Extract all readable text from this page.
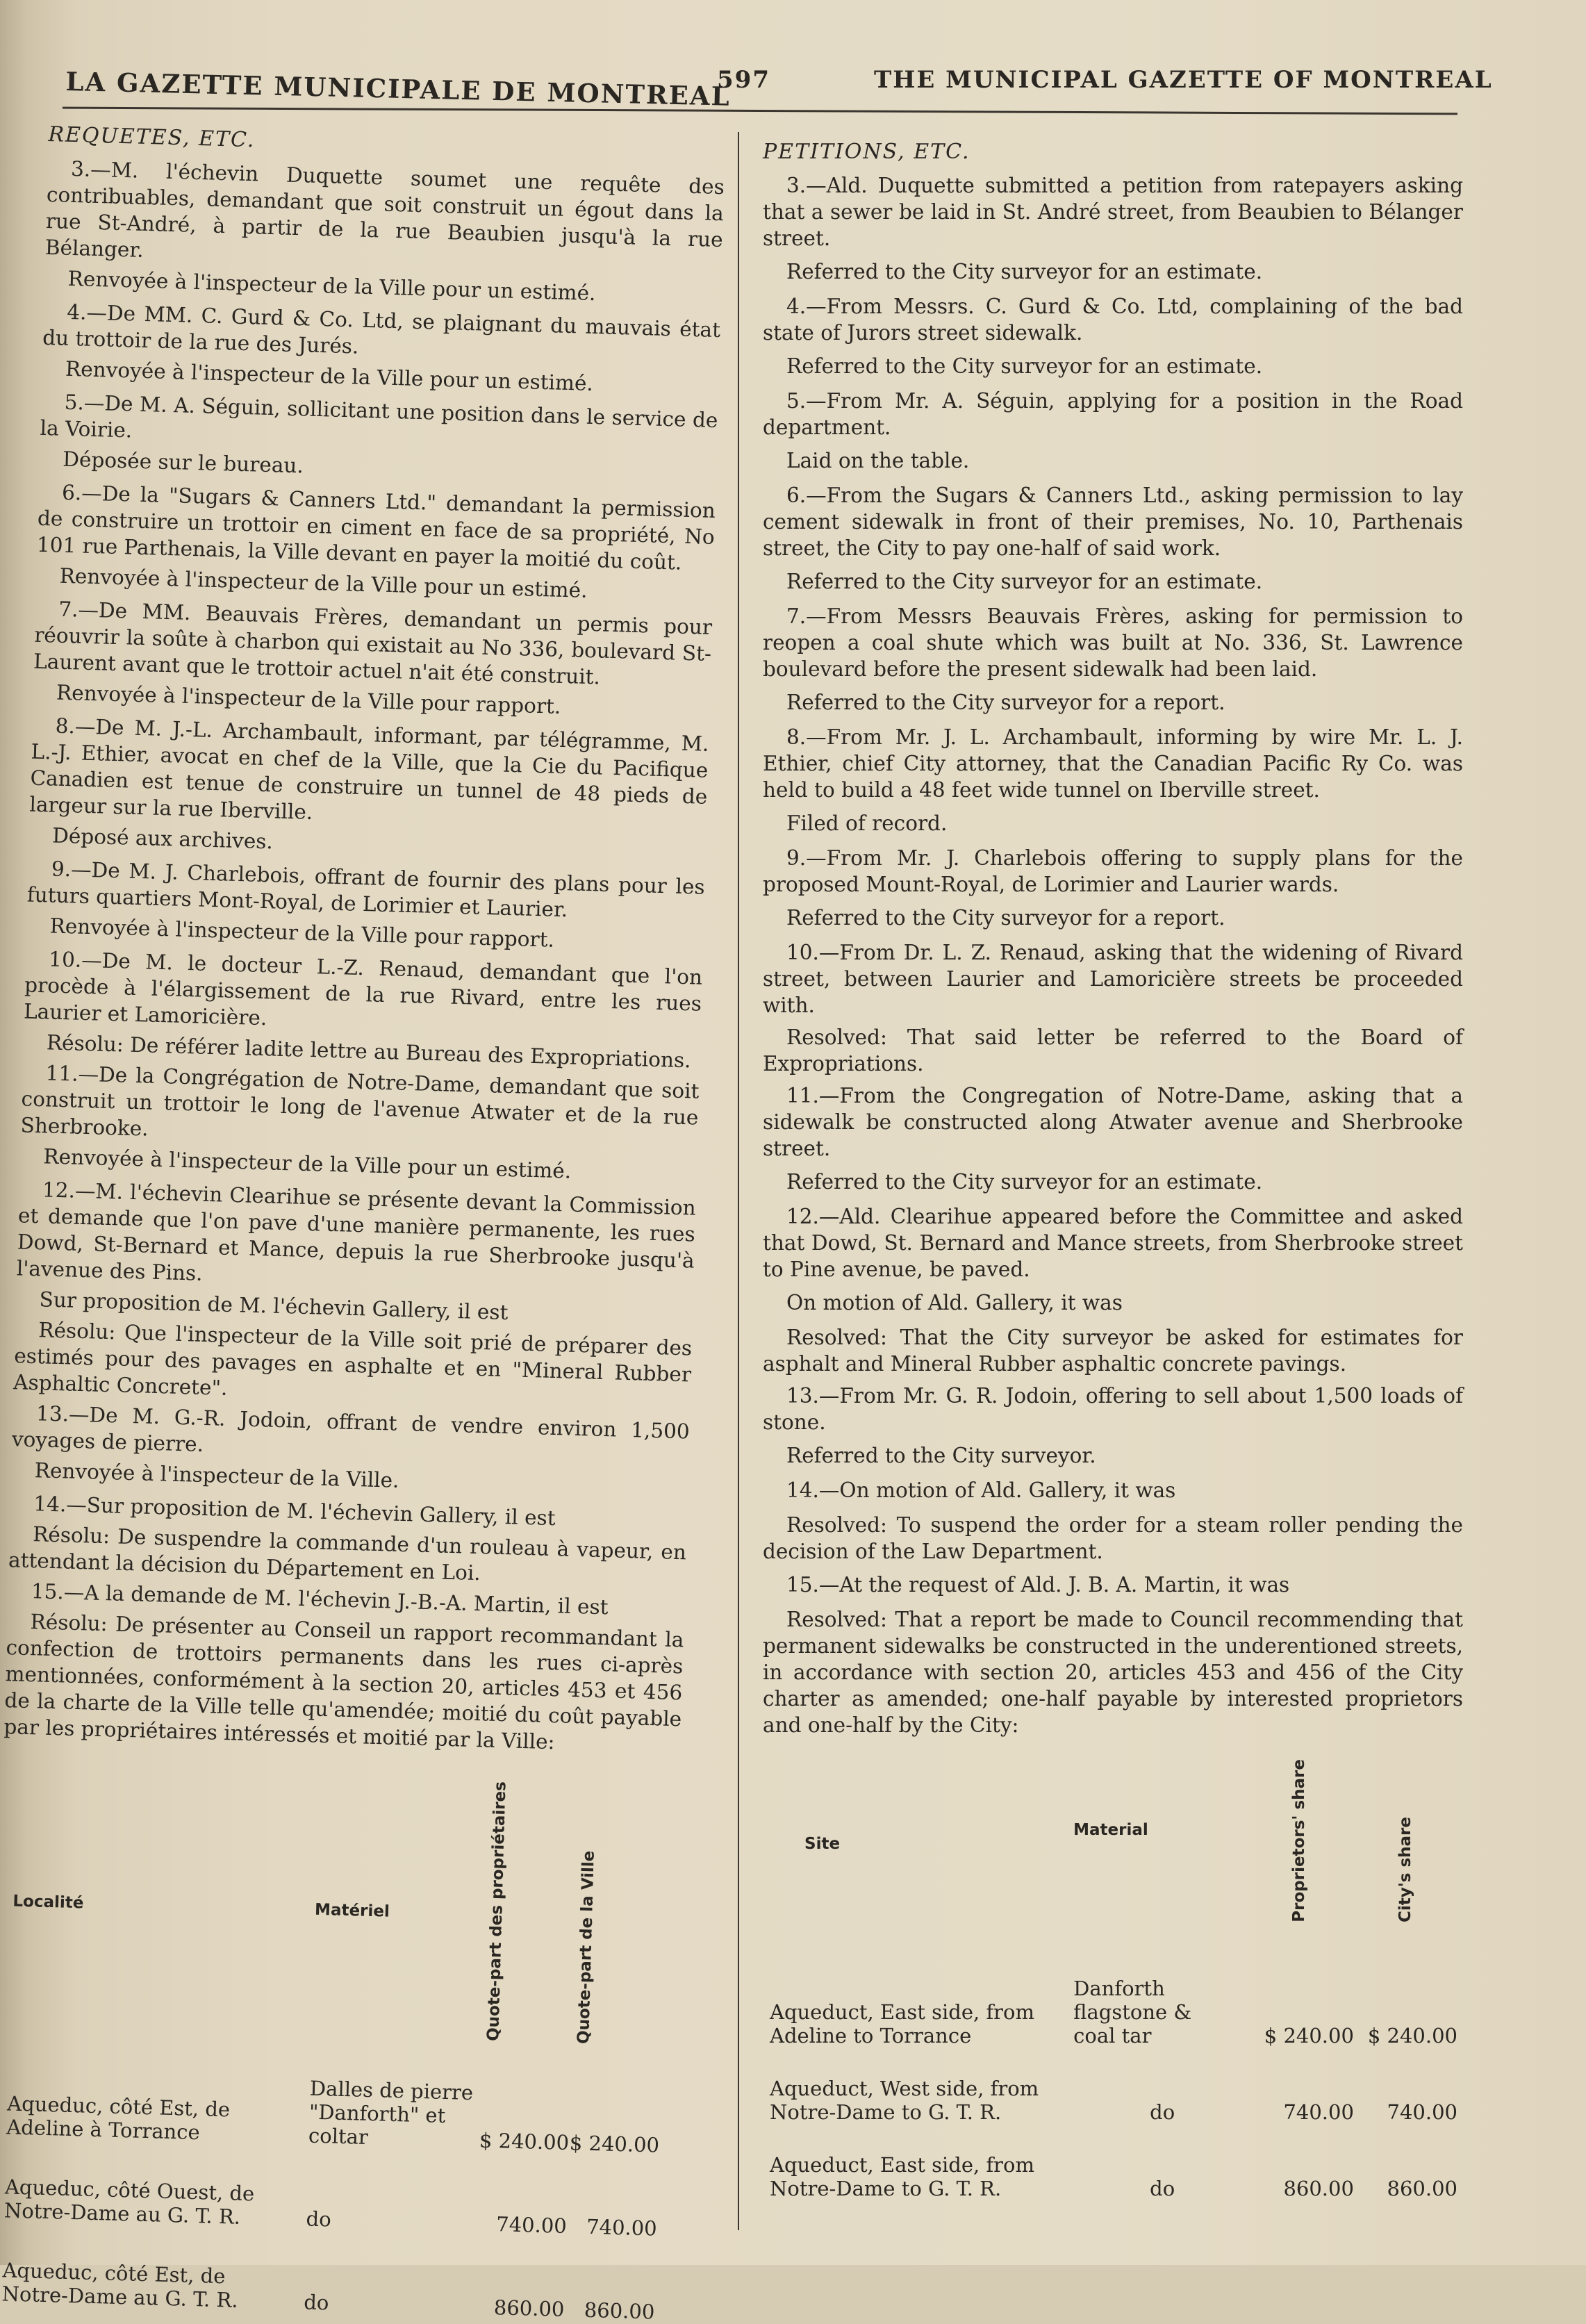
LA GAZETTE MUNICIPALE DE MONTREAL
597	THE MUNICIPAL GAZETTE OF MONTREAL

REQUETES, ETC.

3.—M. l'échevin Duquette soumet une requête des contribuables, demandant que soit construit un égout dans la rue St-André, à partir de la rue Beaubien jusqu'à la rue Bélanger.

Renvoyée à l'inspecteur de la Ville pour un estimé.

4.—De MM. C. Gurd & Co. Ltd, se plaignant du mauvais état du trottoir de la rue des Jurés.

Renvoyée à l'inspecteur de la Ville pour un estimé.

5.—De M. A. Séguin, sollicitant une position dans le service de la Voirie.

Déposée sur le bureau.

6.—De la "Sugars & Canners Ltd." demandant la permission de construire un trottoir en ciment en face de sa propriété, No 101 rue Parthenais, la Ville devant en payer la moitié du coût.

Renvoyée à l'inspecteur de la Ville pour un estimé.

7.—De MM. Beauvais Frères, demandant un permis pour réouvrir la soûte à charbon qui existait au No 336, boulevard St-Laurent avant que le trottoir actuel n'ait été construit.

Renvoyée à l'inspecteur de la Ville pour rapport.

8.—De M. J.-L. Archambault, informant, par télégramme, M. L.-J. Ethier, avocat en chef de la Ville, que la Cie du Pacifique Canadien est tenue de construire un tunnel de 48 pieds de largeur sur la rue Iberville.

Déposé aux archives.

9.—De M. J. Charlebois, offrant de fournir des plans pour les futurs quartiers Mont-Royal, de Lorimier et Laurier.

Renvoyée à l'inspecteur de la Ville pour rapport.

10.—De M. le docteur L.-Z. Renaud, demandant que l'on procède à l'élargissement de la rue Rivard, entre les rues Laurier et Lamoricière.

Résolu: De référer ladite lettre au Bureau des Expropriations.

11.—De la Congrégation de Notre-Dame, demandant que soit construit un trottoir le long de l'avenue Atwater et de la rue Sherbrooke.

Renvoyée à l'inspecteur de la Ville pour un estimé.

12.—M. l'échevin Clearihue se présente devant la Commission et demande que l'on pave d'une manière permanente, les rues Dowd, St-Bernard et Mance, depuis la rue Sherbrooke jusqu'à l'avenue des Pins.

Sur proposition de M. l'échevin Gallery, il est

Résolu: Que l'inspecteur de la Ville soit prié de préparer des estimés pour des pavages en asphalte et en "Mineral Rubber Asphaltic Concrete".

13.—De M. G.-R. Jodoin, offrant de vendre environ 1,500 voyages de pierre.

Renvoyée à l'inspecteur de la Ville.

14.—Sur proposition de M. l'échevin Gallery, il est

Résolu: De suspendre la commande d'un rouleau à vapeur, en attendant la décision du Département en Loi.

15.—A la demande de M. l'échevin J.-B.-A. Martin, il est

Résolu: De présenter au Conseil un rapport recommandant la confection de trottoirs permanents dans les rues ci-après mentionnées, conformément à la section 20, articles 453 et 456 de la charte de la Ville telle qu'amendée; moitié du coût payable par les propriétaires intéressés et moitié par la Ville:

Localité	Matériel	Quote-part des propriétaires	Quote-part de la Ville
Aqueduc, côté Est, de Adeline à Torrance	Dalles de pierre "Danforth" et coltar	$ 240.00	$ 240.00
Aqueduc, côté Ouest, de Notre-Dame au G. T. R.	do	740.00	740.00
Aqueduc, côté Est, de Notre-Dame au G. T. R.	do	860.00	860.00

PETITIONS, ETC.

3.—Ald. Duquette submitted a petition from ratepayers asking that a sewer be laid in St. André street, from Beaubien to Bélanger street.

Referred to the City surveyor for an estimate.

4.—From Messrs. C. Gurd & Co. Ltd, complaining of the bad state of Jurors street sidewalk.

Referred to the City surveyor for an estimate.

5.—From Mr. A. Séguin, applying for a position in the Road department.

Laid on the table.

6.—From the Sugars & Canners Ltd., asking permission to lay cement sidewalk in front of their premises, No. 10, Parthenais street, the City to pay one-half of said work.

Referred to the City surveyor for an estimate.

7.—From Messrs Beauvais Frères, asking for permission to reopen a coal shute which was built at No. 336, St. Lawrence boulevard before the present sidewalk had been laid.

Referred to the City surveyor for a report.

8.—From Mr. J. L. Archambault, informing by wire Mr. L. J. Ethier, chief City attorney, that the Canadian Pacific Ry Co. was held to build a 48 feet wide tunnel on Iberville street.

Filed of record.

9.—From Mr. J. Charlebois offering to supply plans for the proposed Mount-Royal, de Lorimier and Laurier wards.

Referred to the City surveyor for a report.

10.—From Dr. L. Z. Renaud, asking that the widening of Rivard street, between Laurier and Lamoricière streets be proceeded with.

Resolved: That said letter be referred to the Board of Expropriations.

11.—From the Congregation of Notre-Dame, asking that a sidewalk be constructed along Atwater avenue and Sherbrooke street.

Referred to the City surveyor for an estimate.

12.—Ald. Clearihue appeared before the Committee and asked that Dowd, St. Bernard and Mance streets, from Sherbrooke street to Pine avenue, be paved.

On motion of Ald. Gallery, it was

Resolved: That the City surveyor be asked for estimates for asphalt and Mineral Rubber asphaltic concrete pavings.

13.—From Mr. G. R. Jodoin, offering to sell about 1,500 loads of stone.

Referred to the City surveyor.

14.—On motion of Ald. Gallery, it was

Resolved: To suspend the order for a steam roller pending the decision of the Law Department.

15.—At the request of Ald. J. B. A. Martin, it was

Resolved: That a report be made to Council recommending that permanent sidewalks be constructed in the underentioned streets, in accordance with section 20, articles 453 and 456 of the City charter as amended; one-half payable by interested proprietors and one-half by the City:

Site	Material	Proprietors' share	City's share
Aqueduct, East side, from Adeline to Torrance	Danforth flagstone & coal tar	$ 240.00	$ 240.00
Aqueduct, West side, from Notre-Dame to G. T. R.	do	740.00	740.00
Aqueduct, East side, from Notre-Dame to G. T. R.	do	860.00	860.00
